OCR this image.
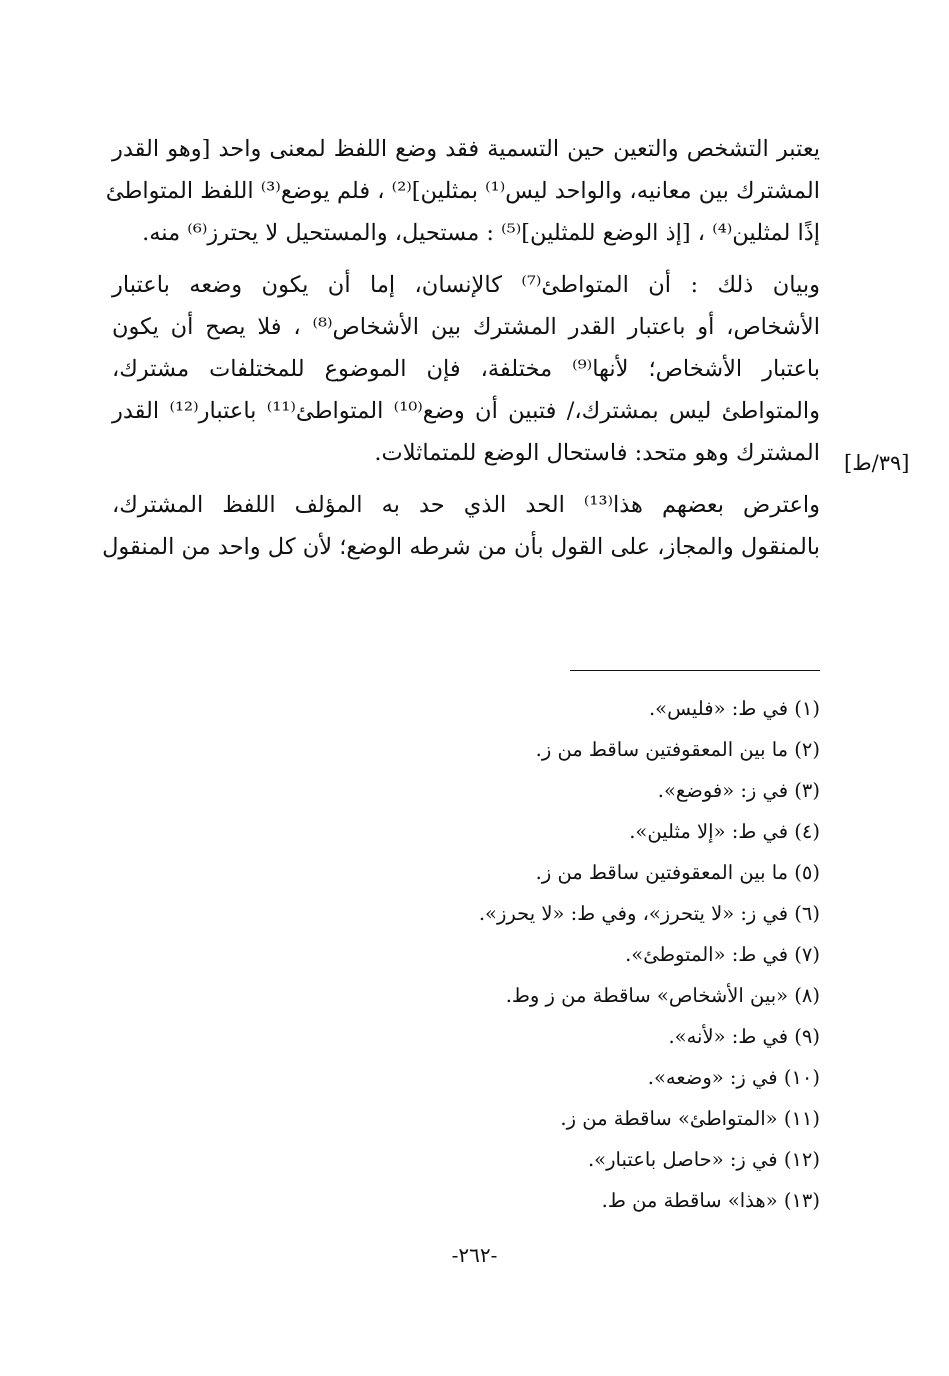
يعتبر التشخص والتعين حين التسمية فقد وضع اللفظ لمعنى واحد [وهو القدر
المشترك بين معانيه، والواحد ليس⁽¹⁾ بمثلين]⁽²⁾ ، فلم يوضع⁽³⁾ اللفظ المتواطئ
إذًا لمثلين⁽⁴⁾ ، [إذ الوضع للمثلين]⁽⁵⁾ : مستحيل، والمستحيل لا يحترز⁽⁶⁾ منه.
وبيان ذلك : أن المتواطئ⁽⁷⁾ كالإنسان، إما أن يكون وضعه باعتبار
الأشخاص، أو باعتبار القدر المشترك بين الأشخاص⁽⁸⁾ ، فلا يصح أن يكون
باعتبار الأشخاص؛ لأنها⁽⁹⁾ مختلفة، فإن الموضوع للمختلفات مشترك،
والمتواطئ ليس بمشترك،/ فتبين أن وضع⁽¹⁰⁾ المتواطئ⁽¹¹⁾ باعتبار⁽¹²⁾ القدر
المشترك وهو متحد: فاستحال الوضع للمتماثلات.
واعترض بعضهم هذا⁽¹³⁾ الحد الذي حد به المؤلف اللفظ المشترك،
بالمنقول والمجاز، على القول بأن من شرطه الوضع؛ لأن كل واحد من المنقول
[٣٩/ط]
(١) في ط: «فليس».
(٢) ما بين المعقوفتين ساقط من ز.
(٣) في ز: «فوضع».
(٤) في ط: «إلا مثلين».
(٥) ما بين المعقوفتين ساقط من ز.
(٦) في ز: «لا يتحرز»، وفي ط: «لا يحرز».
(٧) في ط: «المتوطئ».
(٨) «بين الأشخاص» ساقطة من ز وط.
(٩) في ط: «لأنه».
(١٠) في ز: «وضعه».
(١١) «المتواطئ» ساقطة من ز.
(١٢) في ز: «حاصل باعتبار».
(١٣) «هذا» ساقطة من ط.
-٢٦٢-
